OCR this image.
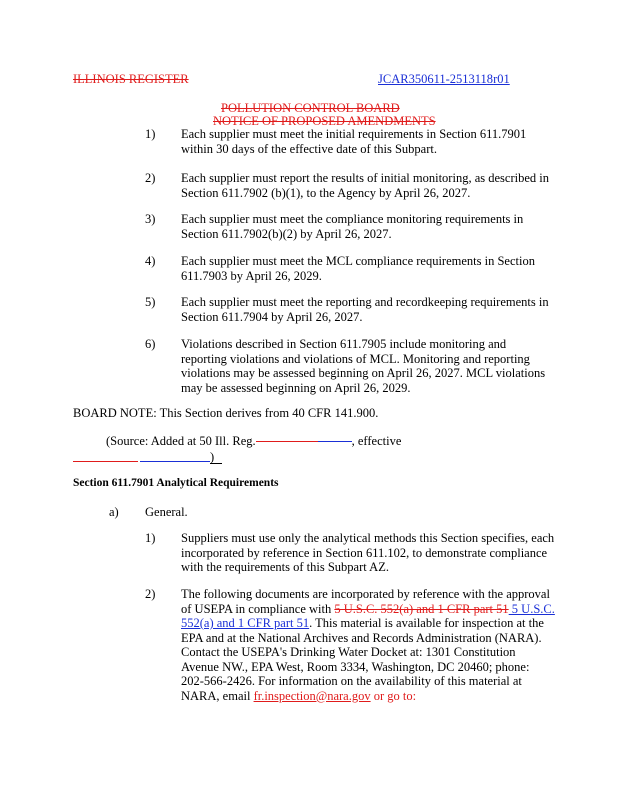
ILLINOIS REGISTER	JCAR350611-2513118r01
POLLUTION CONTROL BOARD
NOTICE OF PROPOSED AMENDMENTS
1) Each supplier must meet the initial requirements in Section 611.7901
within 30 days of the effective date of this Subpart.
2) Each supplier must report the results of initial monitoring, as described in
Section 611.7902 (b)(1), to the Agency by April 26, 2027.
3) Each supplier must meet the compliance monitoring requirements in
Section 611.7902(b)(2) by April 26, 2027.
4) Each supplier must meet the MCL compliance requirements in Section
611.7903 by April 26, 2029.
5) Each supplier must meet the reporting and recordkeeping requirements in
Section 611.7904 by April 26, 2027.
6) Violations described in Section 611.7905 include monitoring and
reporting violations and violations of MCL. Monitoring and reporting
violations may be assessed beginning on April 26, 2027. MCL violations
may be assessed beginning on April 26, 2029.
BOARD NOTE: This Section derives from 40 CFR 141.900.
(Source: Added at 50 Ill. Reg.	, effective
)
Section 611.7901 Analytical Requirements
a) General.
1) Suppliers must use only the analytical methods this Section specifies, each
incorporated by reference in Section 611.102, to demonstrate compliance
with the requirements of this Subpart AZ.
2) The following documents are incorporated by reference with the approval
of USEPA in compliance with 5 U.S.C. 552(a) and 1 CFR part 51 5 U.S.C.
552(a) and 1 CFR part 51. This material is available for inspection at the
EPA and at the National Archives and Records Administration (NARA).
Contact the USEPA's Drinking Water Docket at: 1301 Constitution
Avenue NW., EPA West, Room 3334, Washington, DC 20460; phone:
202-566-2426. For information on the availability of this material at
NARA, email fr.inspection@nara.gov or go to:
